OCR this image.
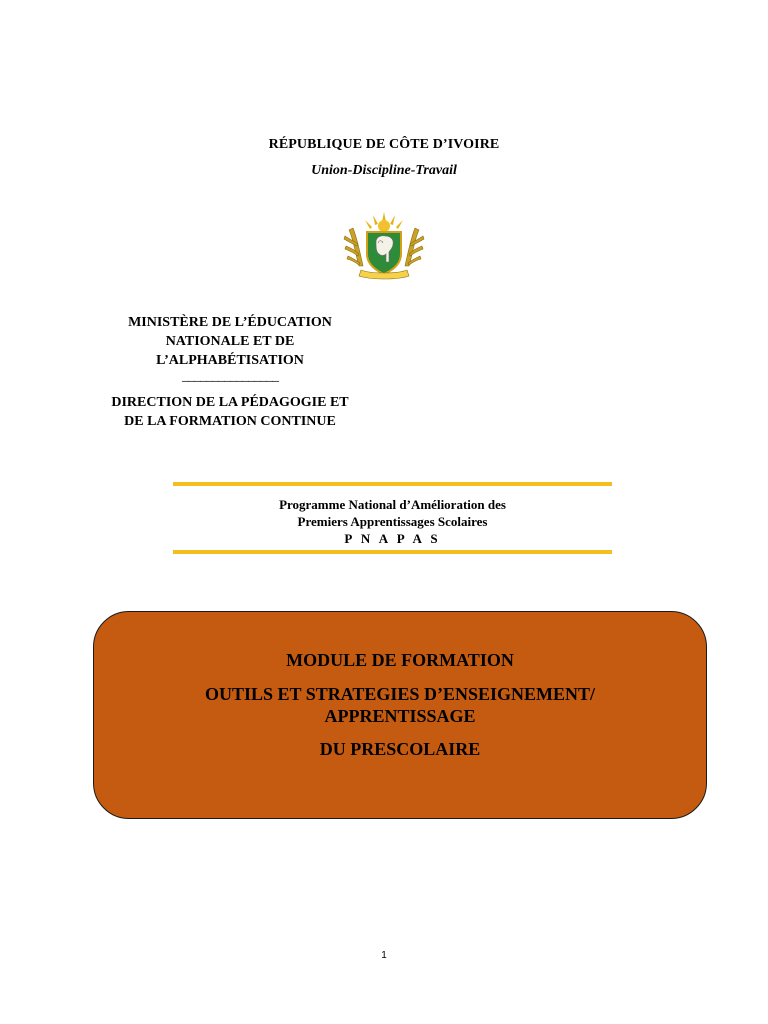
RÉPUBLIQUE DE CÔTE D’IVOIRE
Union-Discipline-Travail
MINISTÈRE DE L’ÉDUCATION
NATIONALE ET DE
L’ALPHABÉTISATION
________________
DIRECTION DE LA PÉDAGOGIE ET
DE LA FORMATION CONTINUE
Programme National d’Amélioration des
Premiers Apprentissages Scolaires
P N A P A S
MODULE DE FORMATION
OUTILS ET STRATEGIES D’ENSEIGNEMENT/
APPRENTISSAGE
DU PRESCOLAIRE
1
